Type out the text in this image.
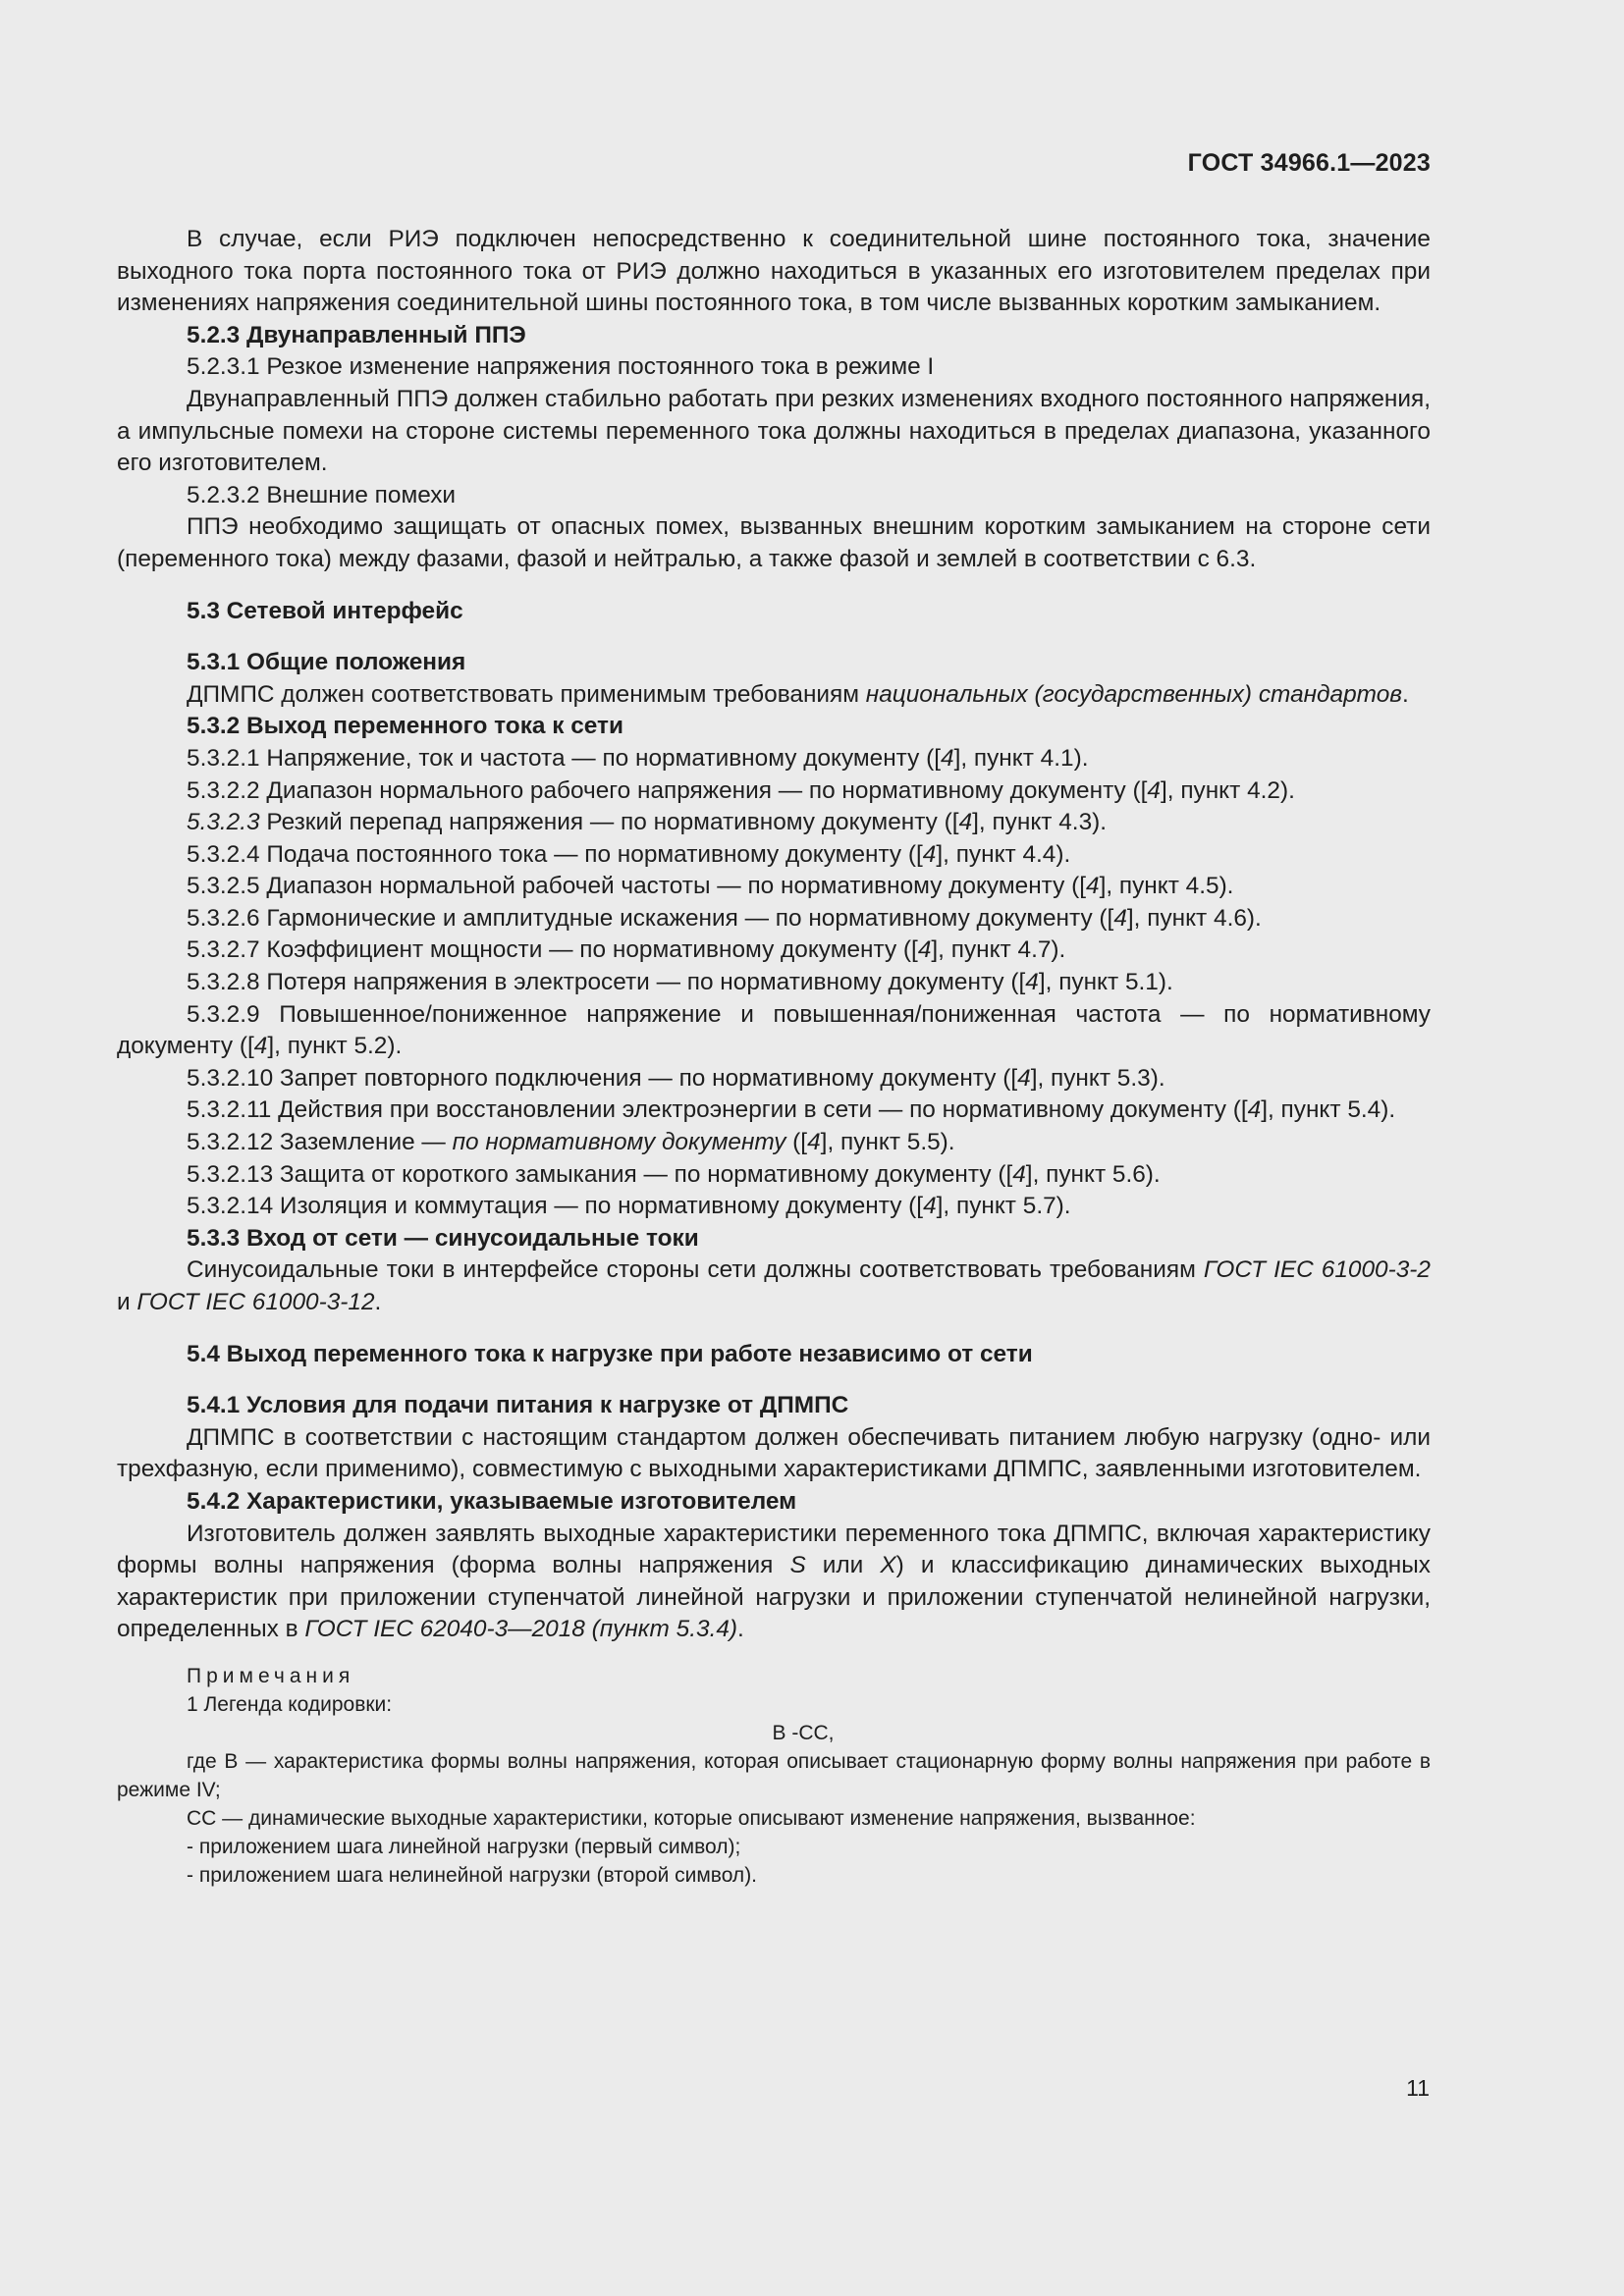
ГОСТ 34966.1—2023

В случае, если РИЭ подключен непосредственно к соединительной шине постоянного тока, значение выходного тока порта постоянного тока от РИЭ должно находиться в указанных его изготовителем пределах при изменениях напряжения соединительной шины постоянного тока, в том числе вызванных коротким замыканием.

5.2.3 Двунаправленный ППЭ

5.2.3.1 Резкое изменение напряжения постоянного тока в режиме I

Двунаправленный ППЭ должен стабильно работать при резких изменениях входного постоянного напряжения, а импульсные помехи на стороне системы переменного тока должны находиться в пределах диапазона, указанного его изготовителем.

5.2.3.2 Внешние помехи

ППЭ необходимо защищать от опасных помех, вызванных внешним коротким замыканием на стороне сети (переменного тока) между фазами, фазой и нейтралью, а также фазой и землей в соответствии с 6.3.

5.3 Сетевой интерфейс

5.3.1 Общие положения

ДПМПС должен соответствовать применимым требованиям национальных (государственных) стандартов.

5.3.2 Выход переменного тока к сети

5.3.2.1 Напряжение, ток и частота — по нормативному документу ([4], пункт 4.1).

5.3.2.2 Диапазон нормального рабочего напряжения — по нормативному документу ([4], пункт 4.2).

5.3.2.3 Резкий перепад напряжения — по нормативному документу ([4], пункт 4.3).

5.3.2.4 Подача постоянного тока — по нормативному документу ([4], пункт 4.4).

5.3.2.5 Диапазон нормальной рабочей частоты — по нормативному документу ([4], пункт 4.5).

5.3.2.6 Гармонические и амплитудные искажения — по нормативному документу ([4], пункт 4.6).

5.3.2.7 Коэффициент мощности — по нормативному документу ([4], пункт 4.7).

5.3.2.8 Потеря напряжения в электросети — по нормативному документу ([4], пункт 5.1).

5.3.2.9 Повышенное/пониженное напряжение и повышенная/пониженная частота — по нормативному документу ([4], пункт 5.2).

5.3.2.10 Запрет повторного подключения — по нормативному документу ([4], пункт 5.3).

5.3.2.11 Действия при восстановлении электроэнергии в сети — по нормативному документу ([4], пункт 5.4).

5.3.2.12 Заземление — по нормативному документу ([4], пункт 5.5).

5.3.2.13 Защита от короткого замыкания — по нормативному документу ([4], пункт 5.6).

5.3.2.14 Изоляция и коммутация — по нормативному документу ([4], пункт 5.7).

5.3.3 Вход от сети — синусоидальные токи

Синусоидальные токи в интерфейсе стороны сети должны соответствовать требованиям ГОСТ IEC 61000-3-2 и ГОСТ IEC 61000-3-12.

5.4 Выход переменного тока к нагрузке при работе независимо от сети

5.4.1 Условия для подачи питания к нагрузке от ДПМПС

ДПМПС в соответствии с настоящим стандартом должен обеспечивать питанием любую нагрузку (одно- или трехфазную, если применимо), совместимую с выходными характеристиками ДПМПС, заявленными изготовителем.

5.4.2 Характеристики, указываемые изготовителем

Изготовитель должен заявлять выходные характеристики переменного тока ДПМПС, включая характеристику формы волны напряжения (форма волны напряжения S или X) и классификацию динамических выходных характеристик при приложении ступенчатой линейной нагрузки и приложении ступенчатой нелинейной нагрузки, определенных в ГОСТ IEC 62040-3—2018 (пункт 5.3.4).

Примечания

1 Легенда кодировки:

В -СС,

где В — характеристика формы волны напряжения, которая описывает стационарную форму волны напряжения при работе в режиме IV;

СС — динамические выходные характеристики, которые описывают изменение напряжения, вызванное:

- приложением шага линейной нагрузки (первый символ);

- приложением шага нелинейной нагрузки (второй символ).

11
